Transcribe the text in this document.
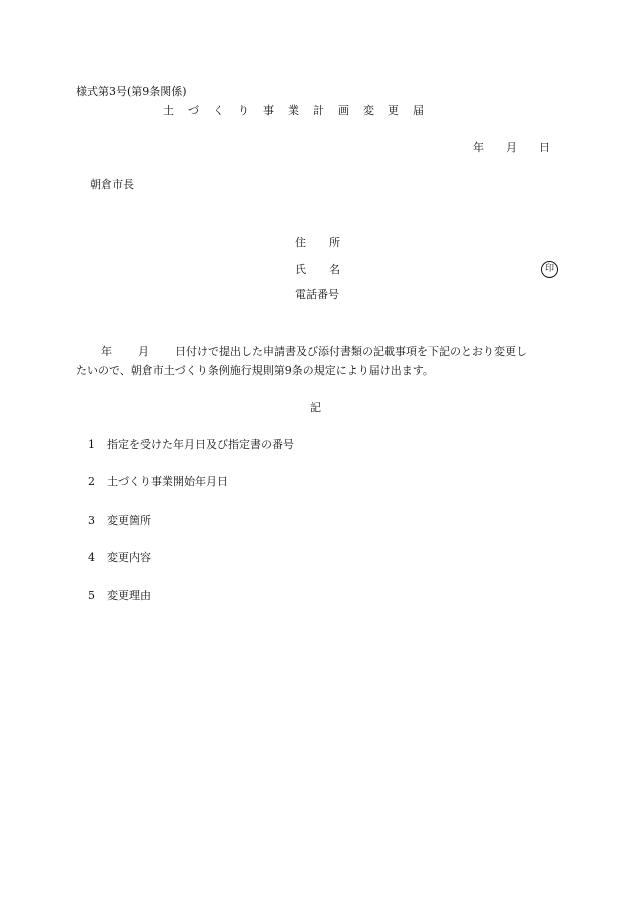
様式第3号(第9条関係)
土づくり事業計画変更届
年 月 日
朝倉市長
住 所
氏 名	印
電話番号
年 月 日付けで提出した申請書及び添付書類の記載事項を下記のとおり変更し
たいので、朝倉市土づくり条例施行規則第9条の規定により届け出ます。
記
1 指定を受けた年月日及び指定書の番号
2 土づくり事業開始年月日
3 変更箇所
4 変更内容
5 変更理由
